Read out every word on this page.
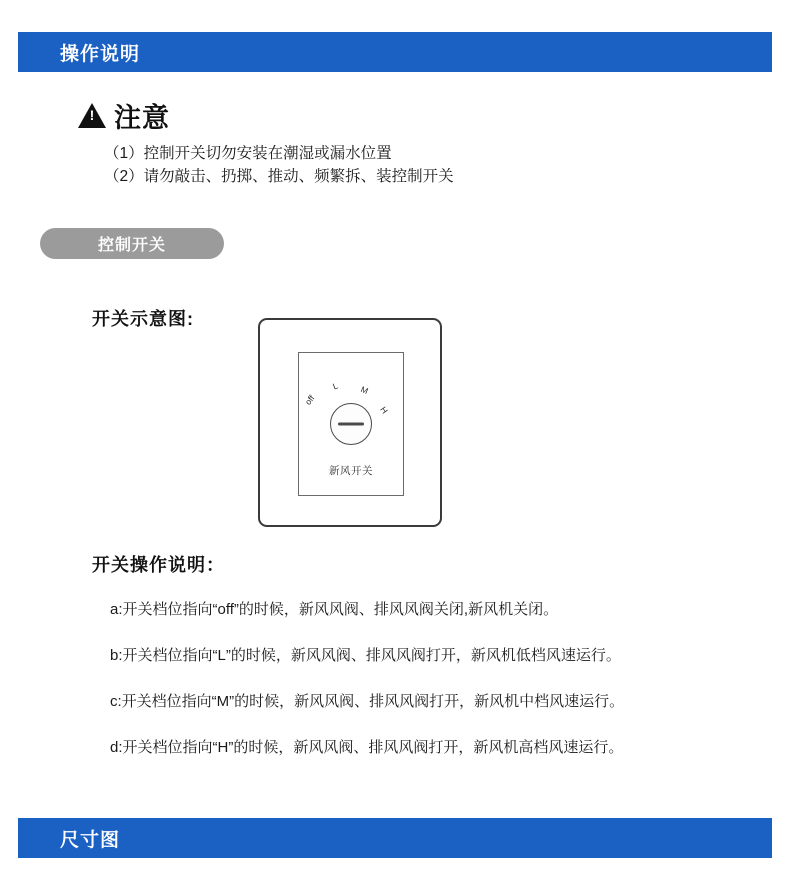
操作说明
!
注意
（1）控制开关切勿安装在潮湿或漏水位置
（2）请勿敲击、扔掷、推动、频繁拆、装控制开关
控制开关
开关示意图:
off
L M
H
新风开关
开关操作说明：
a:开关档位指向“off”的时候，新风风阀、排风风阀关闭,新风机关闭。
b:开关档位指向“L”的时候，新风风阀、排风风阀打开，新风机低档风速运行。
c:开关档位指向“M”的时候，新风风阀、排风风阀打开，新风机中档风速运行。
d:开关档位指向“H”的时候，新风风阀、排风风阀打开，新风机高档风速运行。
尺寸图
